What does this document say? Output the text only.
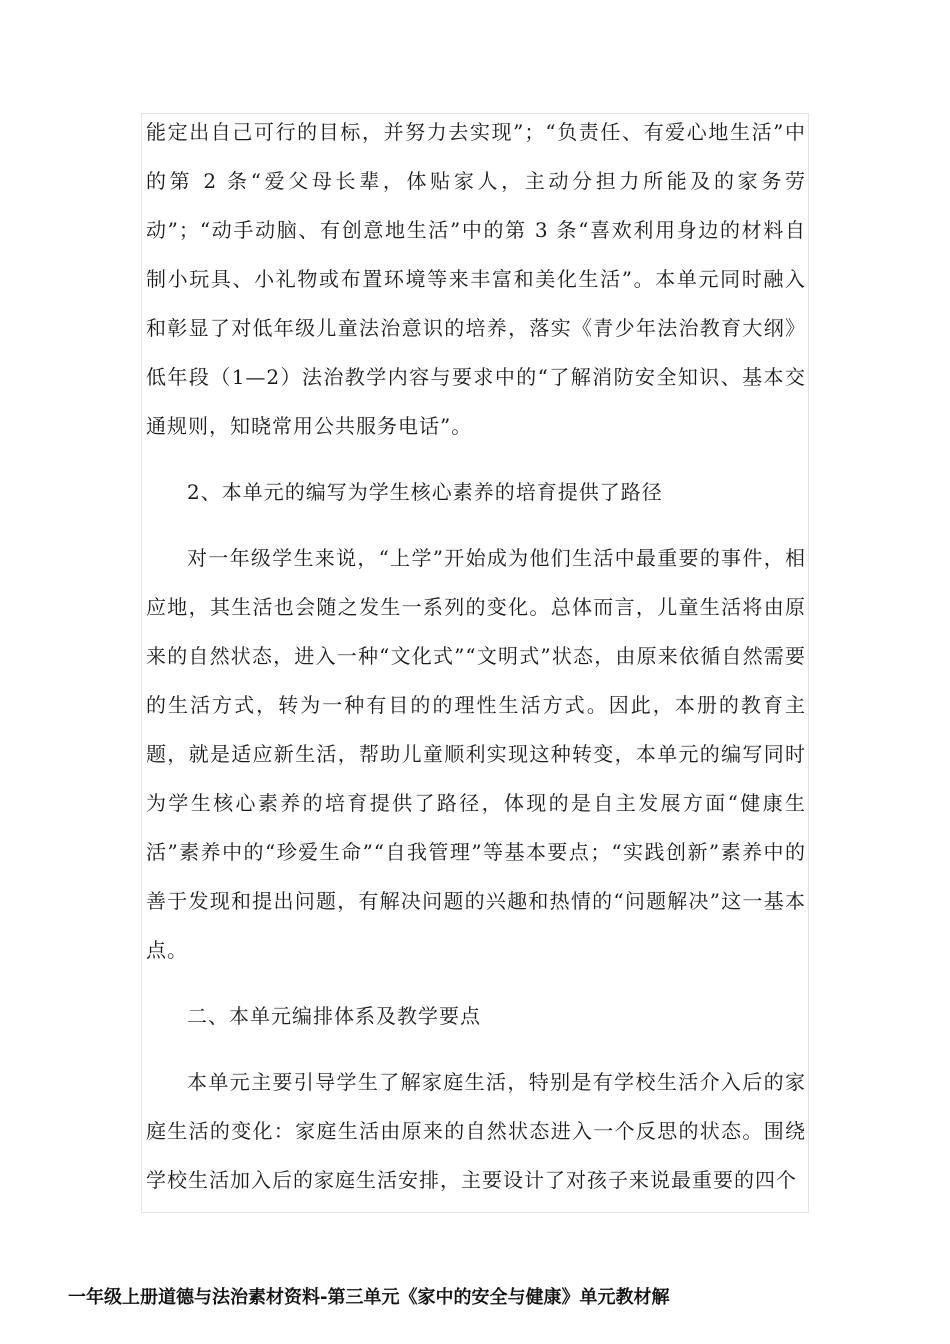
能定出自己可行的目标，并努力去实现”；“负责任、有爱心地生活”中的第 2 条“爱父母长辈，体贴家人，主动分担力所能及的家务劳动”；“动手动脑、有创意地生活”中的第 3 条“喜欢利用身边的材料自制小玩具、小礼物或布置环境等来丰富和美化生活”。本单元同时融入和彰显了对低年级儿童法治意识的培养，落实《青少年法治教育大纲》低年段（1—2）法治教学内容与要求中的“了解消防安全知识、基本交通规则，知晓常用公共服务电话”。

2、本单元的编写为学生核心素养的培育提供了路径

对一年级学生来说，“上学”开始成为他们生活中最重要的事件，相应地，其生活也会随之发生一系列的变化。总体而言，儿童生活将由原来的自然状态，进入一种“文化式”“文明式”状态，由原来依循自然需要的生活方式，转为一种有目的的理性生活方式。因此，本册的教育主题，就是适应新生活，帮助儿童顺利实现这种转变，本单元的编写同时为学生核心素养的培育提供了路径，体现的是自主发展方面“健康生活”素养中的“珍爱生命”“自我管理”等基本要点；“实践创新”素养中的善于发现和提出问题，有解决问题的兴趣和热情的“问题解决”这一基本点。

二、本单元编排体系及教学要点

本单元主要引导学生了解家庭生活，特别是有学校生活介入后的家庭生活的变化：家庭生活由原来的自然状态进入一个反思的状态。围绕学校生活加入后的家庭生活安排，主要设计了对孩子来说最重要的四个

一年级上册道德与法治素材资料-第三单元《家中的安全与健康》单元教材解
